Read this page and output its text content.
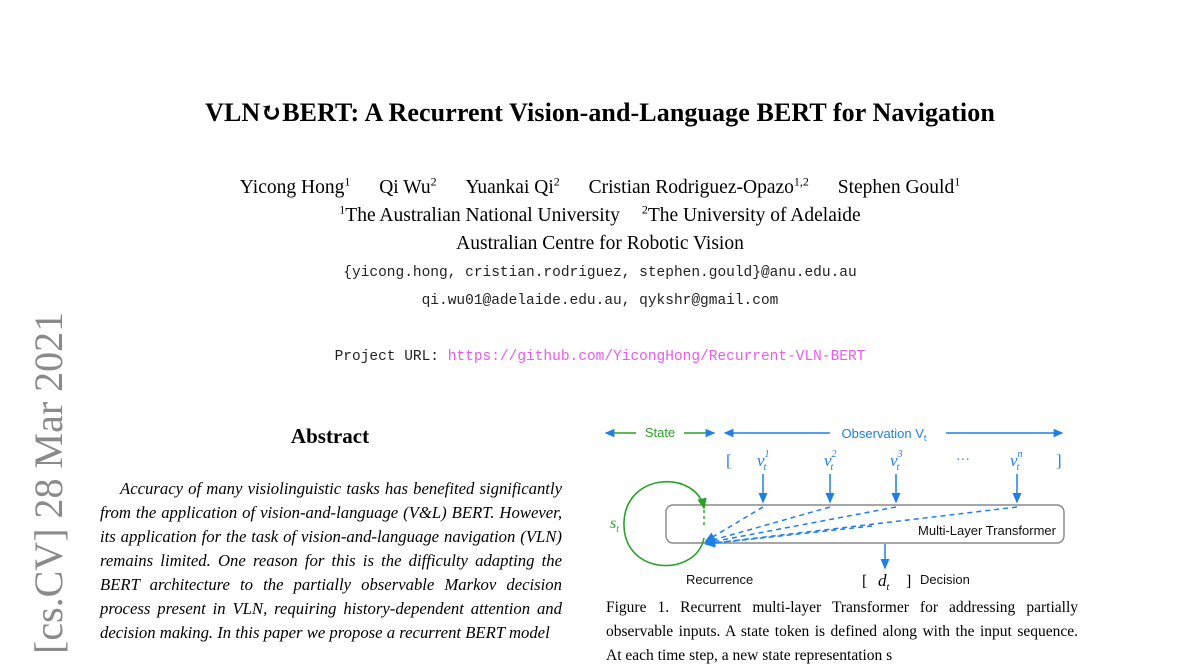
VLN↻BERT: A Recurrent Vision-and-Language BERT for Navigation
Yicong Hong$^1$ Qi Wu$^2$ Yuankai Qi$^2$ Cristian Rodriguez-Opazo$^{1,2}$ Stephen Gould$^1$
$^1$The Australian National University $^2$The University of Adelaide
Australian Centre for Robotic Vision
{yicong.hong, cristian.rodriguez, stephen.gould}@anu.edu.au
qi.wu01@adelaide.edu.au, qykshr@gmail.com
Project URL: https://github.com/YicongHong/Recurrent-VLN-BERT
[cs.CV] 28 Mar 2021	Abstract
Accuracy of many visiolinguistic tasks has benefited significantly from the application of vision-and-language (V&L) BERT. However, its application for the task of vision-and-language navigation (VLN) remains limited. One reason for this is the difficulty adapting the BERT architecture to the partially observable Markov decision process present in VLN, requiring history-dependent attention and decision making. In this paper we propose a recurrent BERT model
State	Observation $V_t$
[	]
$v^1$ t	$v^2$ t	$v^3$ t	··· $v^n$ t
Multi-Layer Transformer
$s_t$
[ $d_t$ ] Decision
Recurrence
Figure 1. Recurrent multi-layer Transformer for addressing partially observable inputs. A state token is defined along with the input sequence. At each time step, a new state representation s
